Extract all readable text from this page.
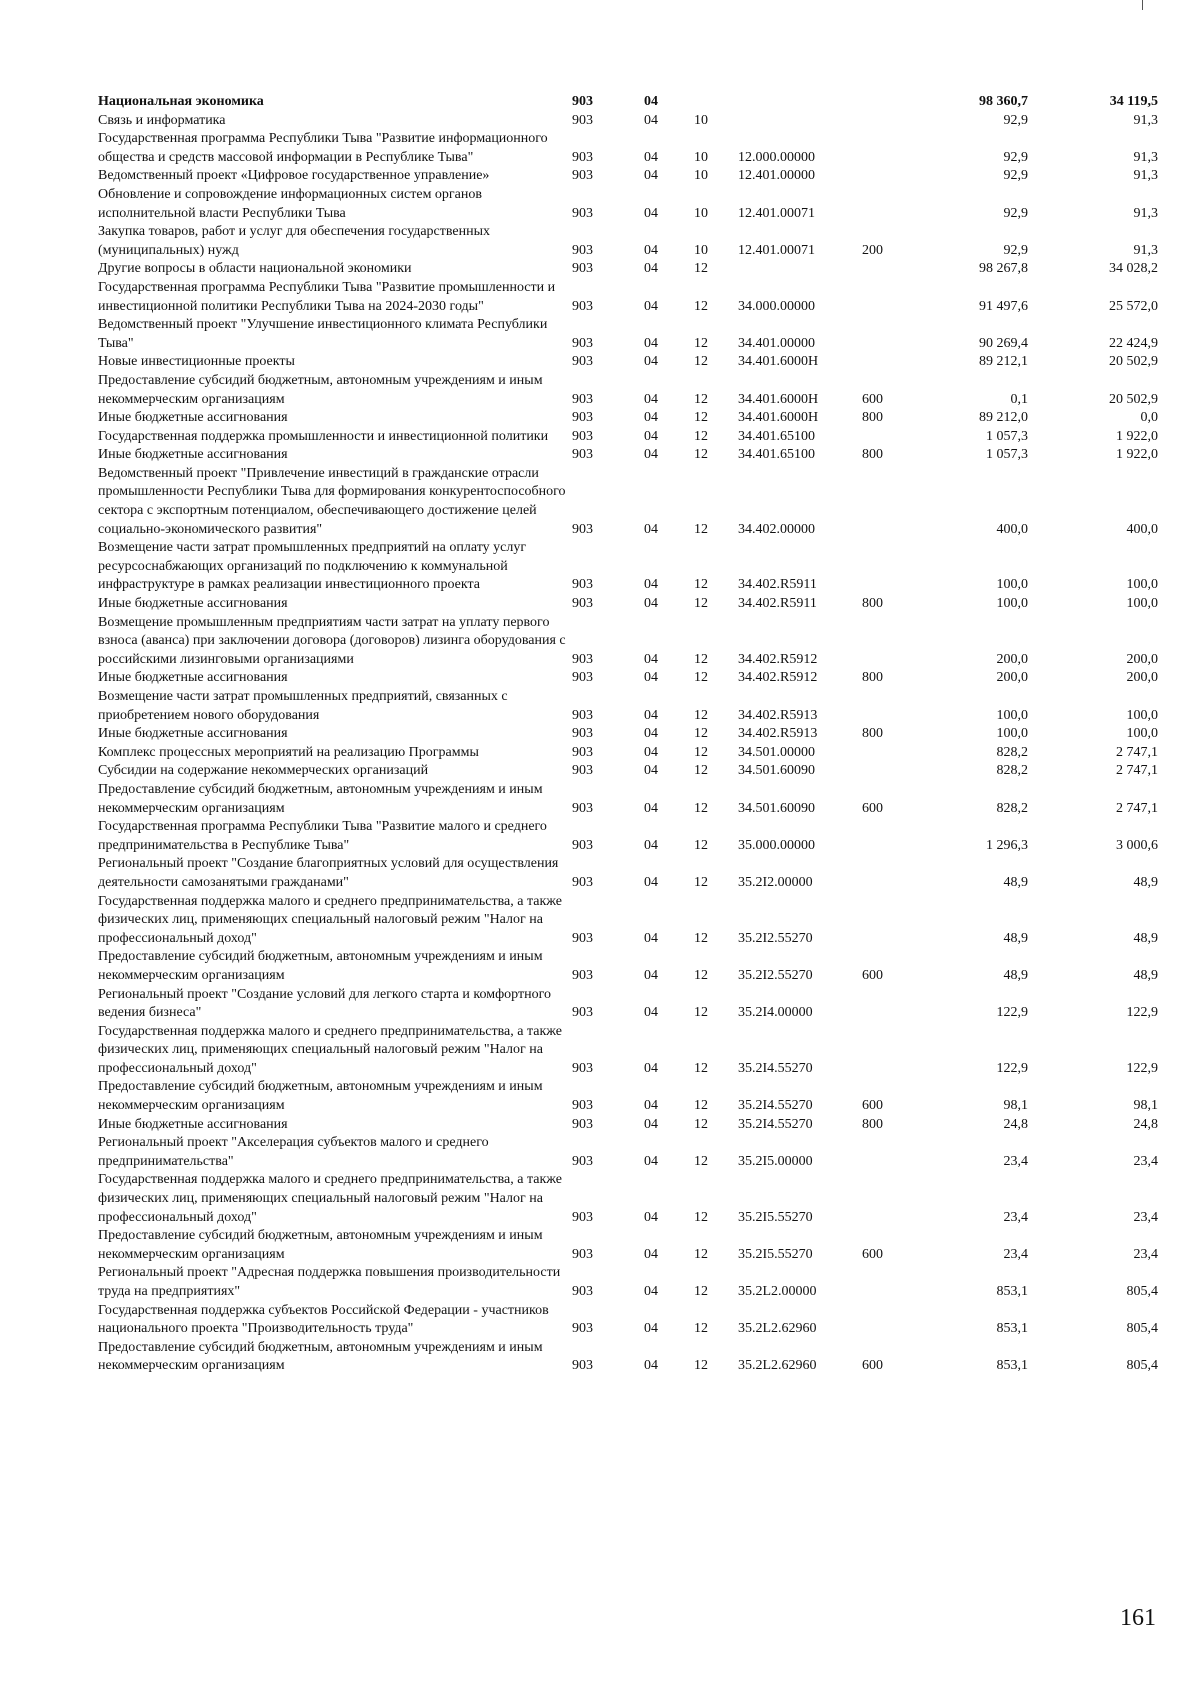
Национальная экономика	903	04				98 360,7	34 119,5
Связь и информатика	903	04	10			92,9	91,3
Государственная программа Республики Тыва "Развитие информационного общества и средств массовой информации в Республике Тыва"	903	04	10	12.000.00000		92,9	91,3
Ведомственный проект «Цифровое государственное управление»	903	04	10	12.401.00000		92,9	91,3
Обновление и сопровождение информационных систем органов исполнительной власти Республики Тыва	903	04	10	12.401.00071		92,9	91,3
Закупка товаров, работ и услуг для обеспечения государственных (муниципальных) нужд	903	04	10	12.401.00071	200	92,9	91,3
Другие вопросы в области национальной экономики	903	04	12			98 267,8	34 028,2
Государственная программа Республики Тыва "Развитие промышленности и инвестиционной политики Республики Тыва на 2024-2030 годы"	903	04	12	34.000.00000		91 497,6	25 572,0
Ведомственный проект "Улучшение инвестиционного климата Республики Тыва"	903	04	12	34.401.00000		90 269,4	22 424,9
Новые инвестиционные проекты	903	04	12	34.401.6000Н		89 212,1	20 502,9
Предоставление субсидий бюджетным, автономным учреждениям и иным некоммерческим организациям	903	04	12	34.401.6000Н	600	0,1	20 502,9
Иные бюджетные ассигнования	903	04	12	34.401.6000Н	800	89 212,0	0,0
Государственная поддержка промышленности и инвестиционной политики	903	04	12	34.401.65100		1 057,3	1 922,0
Иные бюджетные ассигнования	903	04	12	34.401.65100	800	1 057,3	1 922,0
Ведомственный проект "Привлечение инвестиций в гражданские отрасли промышленности Республики Тыва для формирования конкурентоспособного сектора с экспортным потенциалом, обеспечивающего достижение целей социально-экономического развития"	903	04	12	34.402.00000		400,0	400,0
Возмещение части затрат промышленных предприятий на оплату услуг ресурсоснабжающих организаций по подключению к коммунальной инфраструктуре в рамках реализации инвестиционного проекта	903	04	12	34.402.R5911		100,0	100,0
Иные бюджетные ассигнования	903	04	12	34.402.R5911	800	100,0	100,0
Возмещение промышленным предприятиям части затрат на уплату первого взноса (аванса) при заключении договора (договоров) лизинга оборудования с российскими лизинговыми организациями	903	04	12	34.402.R5912		200,0	200,0
Иные бюджетные ассигнования	903	04	12	34.402.R5912	800	200,0	200,0
Возмещение части затрат промышленных предприятий, связанных с приобретением нового оборудования	903	04	12	34.402.R5913		100,0	100,0
Иные бюджетные ассигнования	903	04	12	34.402.R5913	800	100,0	100,0
Комплекс процессных мероприятий на реализацию Программы	903	04	12	34.501.00000		828,2	2 747,1
Субсидии на содержание некоммерческих организаций	903	04	12	34.501.60090		828,2	2 747,1
Предоставление субсидий бюджетным, автономным учреждениям и иным некоммерческим организациям	903	04	12	34.501.60090	600	828,2	2 747,1
Государственная программа Республики Тыва "Развитие малого и среднего предпринимательства в Республике Тыва"	903	04	12	35.000.00000		1 296,3	3 000,6
Региональный проект "Создание благоприятных условий для осуществления деятельности самозанятыми гражданами"	903	04	12	35.2I2.00000		48,9	48,9
Государственная поддержка малого и среднего предпринимательства, а также физических лиц, применяющих специальный налоговый режим "Налог на профессиональный доход"	903	04	12	35.2I2.55270		48,9	48,9
Предоставление субсидий бюджетным, автономным учреждениям и иным некоммерческим организациям	903	04	12	35.2I2.55270	600	48,9	48,9
Региональный проект "Создание условий для легкого старта и комфортного ведения бизнеса"	903	04	12	35.2I4.00000		122,9	122,9
Государственная поддержка малого и среднего предпринимательства, а также физических лиц, применяющих специальный налоговый режим "Налог на профессиональный доход"	903	04	12	35.2I4.55270		122,9	122,9
Предоставление субсидий бюджетным, автономным учреждениям и иным некоммерческим организациям	903	04	12	35.2I4.55270	600	98,1	98,1
Иные бюджетные ассигнования	903	04	12	35.2I4.55270	800	24,8	24,8
Региональный проект "Акселерация субъектов малого и среднего предпринимательства"	903	04	12	35.2I5.00000		23,4	23,4
Государственная поддержка малого и среднего предпринимательства, а также физических лиц, применяющих специальный налоговый режим "Налог на профессиональный доход"	903	04	12	35.2I5.55270		23,4	23,4
Предоставление субсидий бюджетным, автономным учреждениям и иным некоммерческим организациям	903	04	12	35.2I5.55270	600	23,4	23,4
Региональный проект "Адресная поддержка повышения производительности труда на предприятиях"	903	04	12	35.2L2.00000		853,1	805,4
Государственная поддержка субъектов Российской Федерации - участников национального проекта "Производительность труда"	903	04	12	35.2L2.62960		853,1	805,4
Предоставление субсидий бюджетным, автономным учреждениям и иным некоммерческим организациям	903	04	12	35.2L2.62960	600	853,1	805,4
161
